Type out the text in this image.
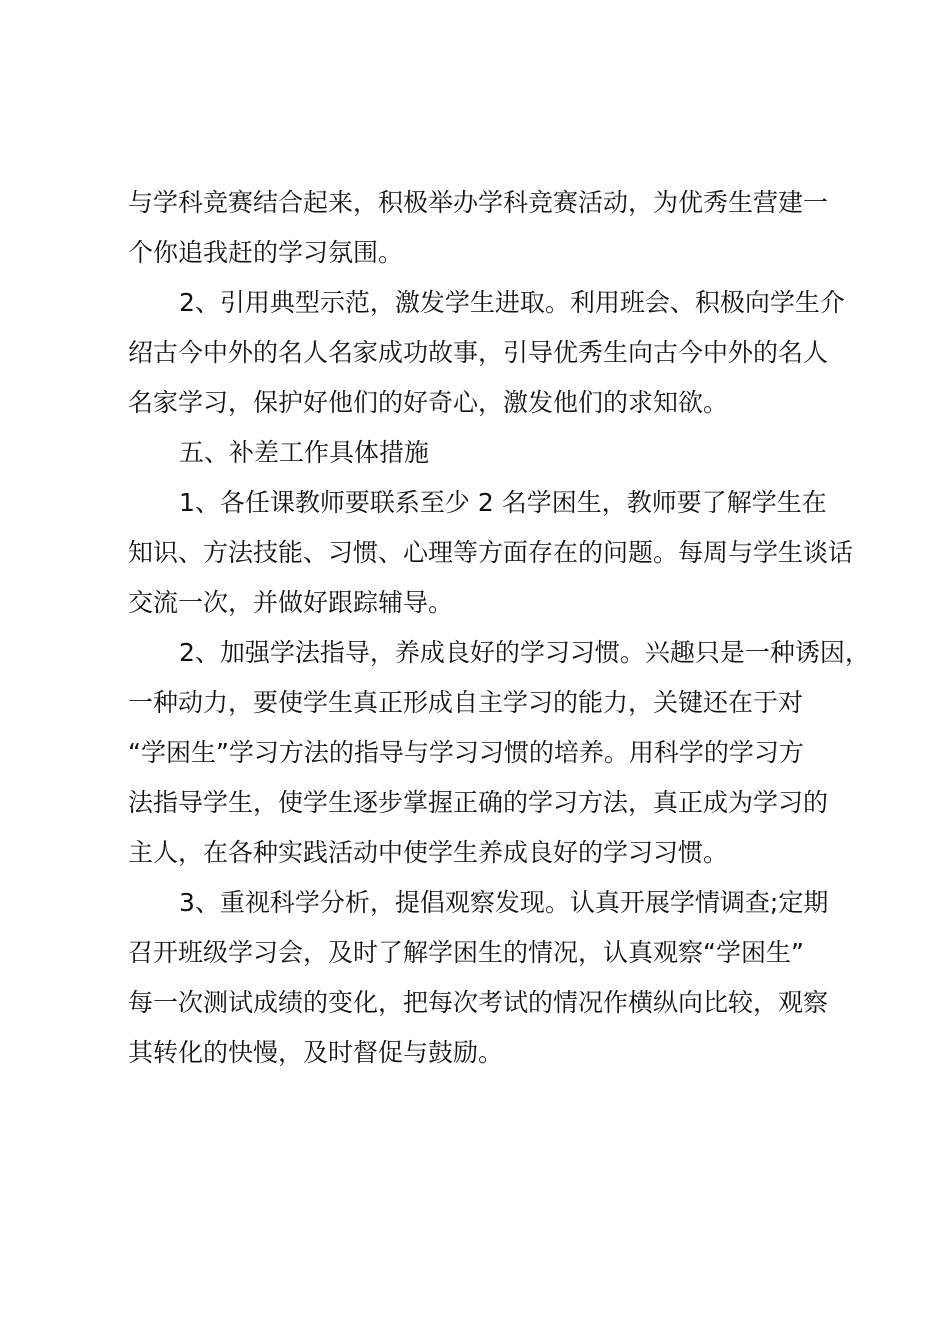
与学科竞赛结合起来，积极举办学科竞赛活动，为优秀生营建一
个你追我赶的学习氛围。
2、引用典型示范，激发学生进取。利用班会、积极向学生介
绍古今中外的名人名家成功故事，引导优秀生向古今中外的名人
名家学习，保护好他们的好奇心，激发他们的求知欲。
五、补差工作具体措施
1、各任课教师要联系至少 2 名学困生，教师要了解学生在
知识、方法技能、习惯、心理等方面存在的问题。每周与学生谈话
交流一次，并做好跟踪辅导。
2、加强学法指导，养成良好的学习习惯。兴趣只是一种诱因，
一种动力，要使学生真正形成自主学习的能力，关键还在于对
“学困生”学习方法的指导与学习习惯的培养。用科学的学习方
法指导学生，使学生逐步掌握正确的学习方法，真正成为学习的
主人，在各种实践活动中使学生养成良好的学习习惯。
3、重视科学分析，提倡观察发现。认真开展学情调查;定期
召开班级学习会，及时了解学困生的情况，认真观察“学困生”
每一次测试成绩的变化，把每次考试的情况作横纵向比较，观察
其转化的快慢，及时督促与鼓励。
